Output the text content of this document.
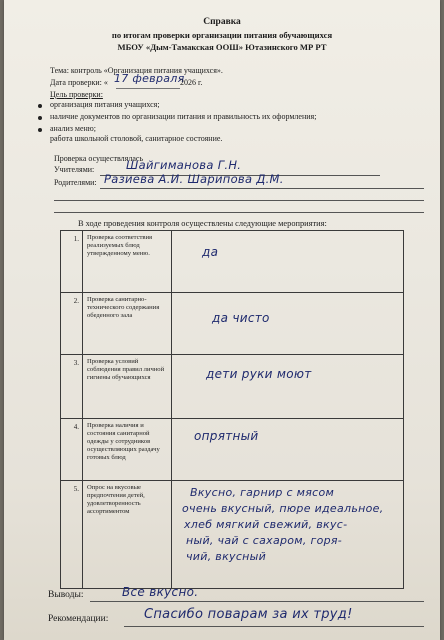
Справка
по итогам проверки организации питания обучающихся
МБОУ «Дым-Тамакская ООШ» Ютазинского МР РТ
Тема: контроль «Организация питания учащихся».
Дата проверки: « 17 февраля
2026 г.
Цель проверки:
организация питания учащихся;
наличие документов по организации питания и правильность их оформления;
анализ меню;
работа школьной столовой, санитарное состояние.
Проверка осуществлялась
Учителями:	Шайгиманова Г.Н.
Родителями: Разиева А.И. Шарипова Д.М.
В ходе проведения контроля осуществлены следующие мероприятия:
1.	Проверка соответствия реализуемых блюд утвержденному меню.	да

2.	Проверка санитарно-технического содержания обеденного зала	да чисто

3.	Проверка условий соблюдения правил личной гигиены обучающихся	дети руки моют

4.	Проверка наличия и состояния санитарной одежды у сотрудников осуществляющих раздачу готовых блюд	опрятный

5.	Опрос на вкусовые предпочтения детей, удовлетворенность ассортиментом	Вкусно, гарнир с мясом
очень вкусный, пюре идеальное,
хлеб мягкий свежий, вкус-
ный, чай с сахаром, горя-
чий, вкусный
Выводы:	Все вкусно.
Рекомендации:	Спасибо поварам за их труд!
